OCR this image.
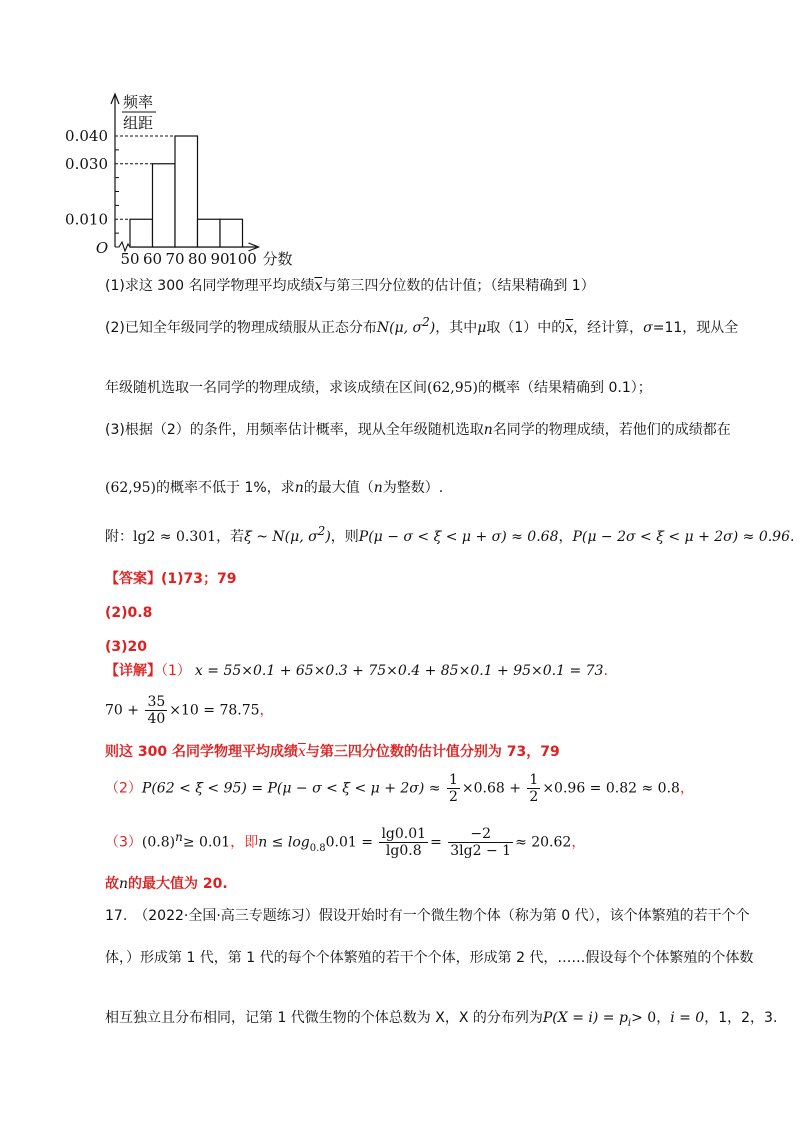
0.010
0.030
0.040
50 60 70 80 90
100
O
频率
组距
分数
(1)求这 300 名同学物理平均成绩$\overline{x}$与第三四分位数的估计值；（结果精确到 1）
(2)已知全年级同学的物理成绩服从正态分布N(μ, σ2)，其中μ取（1）中的$\overline{x}$，经计算，σ=11，现从全
年级随机选取一名同学的物理成绩，求该成绩在区间(62,95)的概率（结果精确到 0.1）；
(3)根据（2）的条件，用频率估计概率，现从全年级随机选取n名同学的物理成绩，若他们的成绩都在
(62,95)的概率不低于 1%，求n的最大值（n为整数）.
附：lg2 ≈ 0.301，若ξ ~ N(μ, σ2)，则P(μ − σ < ξ < μ + σ) ≈ 0.68，P(μ − 2σ < ξ < μ + 2σ) ≈ 0.96.
【答案】(1)73；79
(2)0.8
(3)20
【详解】（1） x = 55×0.1 + 65×0.3 + 75×0.4 + 85×0.1 + 95×0.1 = 73.
$70 + \frac{35}{40} \times 10 = 78.75$，
则这 300 名同学物理平均成绩$\overline{x}$与第三四分位数的估计值分别为 73，79
$(2)P(62 < \xi < 95) = P(\mu - \sigma < \xi < \mu + 2\sigma) \approx \frac{1}{2} \times 0.68 + \frac{1}{2} \times 0.96 = 0.82 \approx 0.8$，
（3）(0.8)n≥ 0.01，即$n \le \log_{0.8}0.01 = \frac{\lg 0.01}{\lg 0.8} = \frac{-2}{3\lg 2 - 1} \approx 20.62$，
故n的最大值为 20.
17.　（2022·全国·高三专题练习）假设开始时有一个微生物个体（称为第 0 代），该个体繁殖的若干个个
体，）形成第 1 代，第 1 代的每个个体繁殖的若干个个体，形成第 2 代，……假设每个个体繁殖的个体数
相互独立且分布相同，记第 1 代微生物的个体总数为 X，X 的分布列为$P(X = i) = p_i> 0$，i = 0，1，2，3.
